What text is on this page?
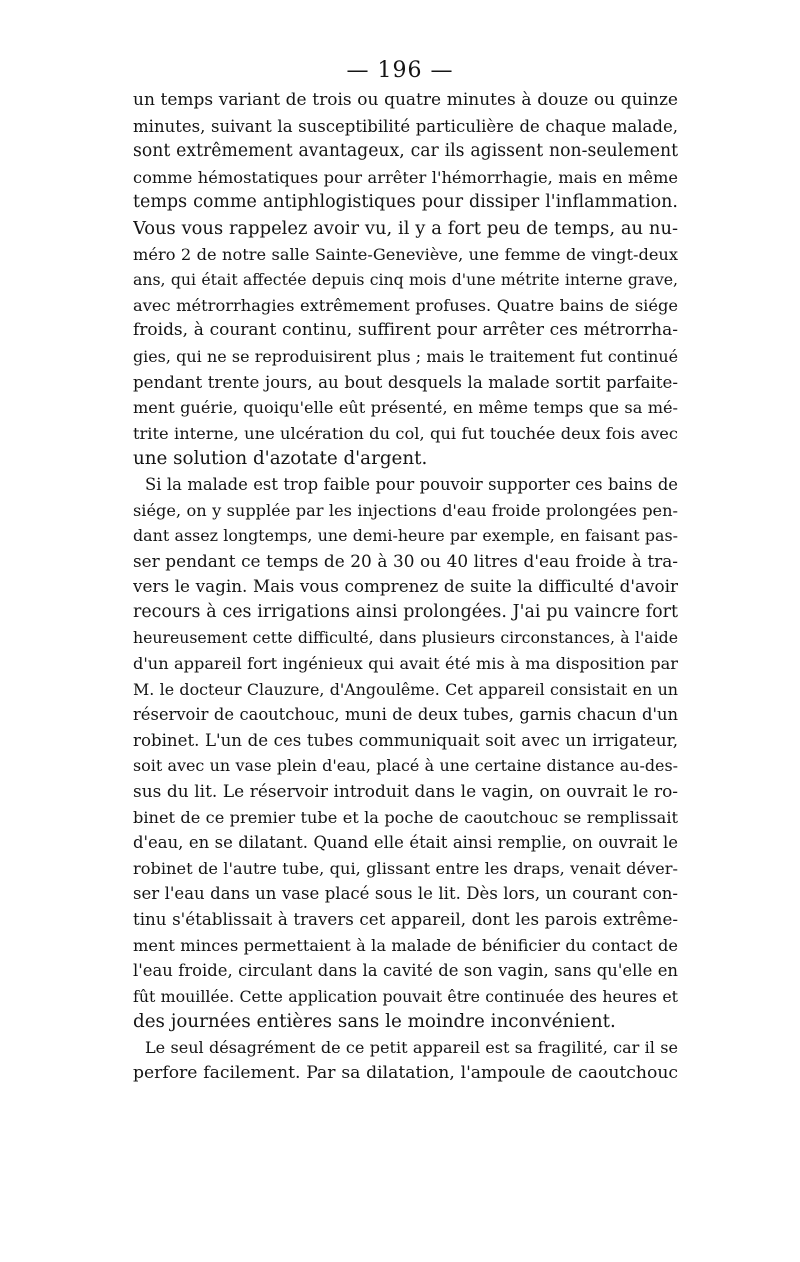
— 196 —
un temps variant de trois ou quatre minutes à douze ou quinze
minutes, suivant la susceptibilité particulière de chaque malade,
sont extrêmement avantageux, car ils agissent non-seulement
comme hémostatiques pour arrêter l'hémorrhagie, mais en même
temps comme antiphlogistiques pour dissiper l'inflammation.
Vous vous rappelez avoir vu, il y a fort peu de temps, au nu-
méro 2 de notre salle Sainte-Geneviève, une femme de vingt-deux
ans, qui était affectée depuis cinq mois d'une métrite interne grave,
avec métrorrhagies extrêmement profuses. Quatre bains de siége
froids, à courant continu, suffirent pour arrêter ces métrorrha-
gies, qui ne se reproduisirent plus ; mais le traitement fut continué
pendant trente jours, au bout desquels la malade sortit parfaite-
ment guérie, quoiqu'elle eût présenté, en même temps que sa mé-
trite interne, une ulcération du col, qui fut touchée deux fois avec
une solution d'azotate d'argent.
Si la malade est trop faible pour pouvoir supporter ces bains de
siége, on y supplée par les injections d'eau froide prolongées pen-
dant assez longtemps, une demi-heure par exemple, en faisant pas-
ser pendant ce temps de 20 à 30 ou 40 litres d'eau froide à tra-
vers le vagin. Mais vous comprenez de suite la difficulté d'avoir
recours à ces irrigations ainsi prolongées. J'ai pu vaincre fort
heureusement cette difficulté, dans plusieurs circonstances, à l'aide
d'un appareil fort ingénieux qui avait été mis à ma disposition par
M. le docteur Clauzure, d'Angoulême. Cet appareil consistait en un
réservoir de caoutchouc, muni de deux tubes, garnis chacun d'un
robinet. L'un de ces tubes communiquait soit avec un irrigateur,
soit avec un vase plein d'eau, placé à une certaine distance au-des-
sus du lit. Le réservoir introduit dans le vagin, on ouvrait le ro-
binet de ce premier tube et la poche de caoutchouc se remplissait
d'eau, en se dilatant. Quand elle était ainsi remplie, on ouvrait le
robinet de l'autre tube, qui, glissant entre les draps, venait déver-
ser l'eau dans un vase placé sous le lit. Dès lors, un courant con-
tinu s'établissait à travers cet appareil, dont les parois extrême-
ment minces permettaient à la malade de bénificier du contact de
l'eau froide, circulant dans la cavité de son vagin, sans qu'elle en
fût mouillée. Cette application pouvait être continuée des heures et
des journées entières sans le moindre inconvénient.
Le seul désagrément de ce petit appareil est sa fragilité, car il se
perfore facilement. Par sa dilatation, l'ampoule de caoutchouc
